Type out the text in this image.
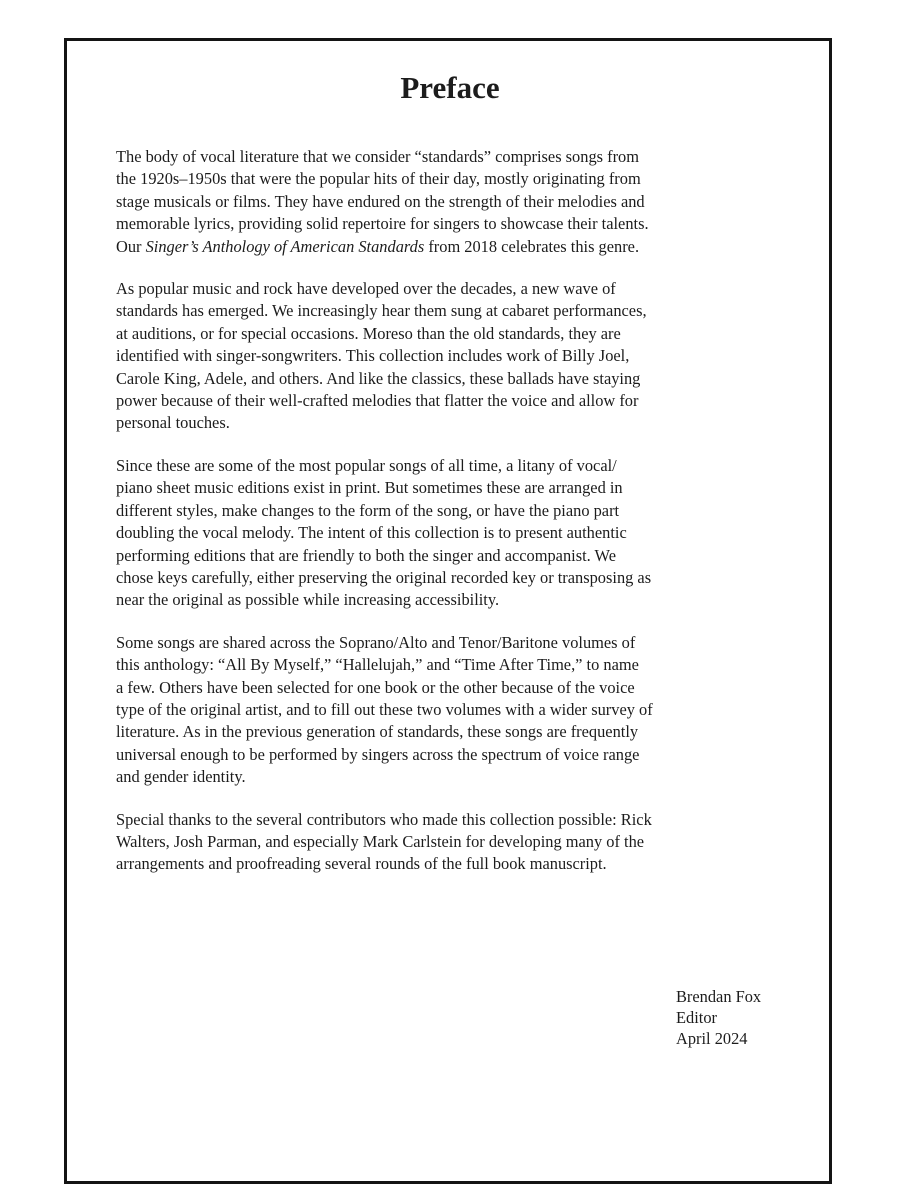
Preface

The body of vocal literature that we consider “standards” comprises songs from
the 1920s–1950s that were the popular hits of their day, mostly originating from
stage musicals or films. They have endured on the strength of their melodies and
memorable lyrics, providing solid repertoire for singers to showcase their talents.
Our Singer’s Anthology of American Standards from 2018 celebrates this genre.

As popular music and rock have developed over the decades, a new wave of
standards has emerged. We increasingly hear them sung at cabaret performances,
at auditions, or for special occasions. Moreso than the old standards, they are
identified with singer-songwriters. This collection includes work of Billy Joel,
Carole King, Adele, and others. And like the classics, these ballads have staying
power because of their well-crafted melodies that flatter the voice and allow for
personal touches.

Since these are some of the most popular songs of all time, a litany of vocal/
piano sheet music editions exist in print. But sometimes these are arranged in
different styles, make changes to the form of the song, or have the piano part
doubling the vocal melody. The intent of this collection is to present authentic
performing editions that are friendly to both the singer and accompanist. We
chose keys carefully, either preserving the original recorded key or transposing as
near the original as possible while increasing accessibility.

Some songs are shared across the Soprano/Alto and Tenor/Baritone volumes of
this anthology: “All By Myself,” “Hallelujah,” and “Time After Time,” to name
a few. Others have been selected for one book or the other because of the voice
type of the original artist, and to fill out these two volumes with a wider survey of
literature. As in the previous generation of standards, these songs are frequently
universal enough to be performed by singers across the spectrum of voice range
and gender identity.

Special thanks to the several contributors who made this collection possible: Rick
Walters, Josh Parman, and especially Mark Carlstein for developing many of the
arrangements and proofreading several rounds of the full book manuscript.

Brendan Fox
Editor
April 2024
